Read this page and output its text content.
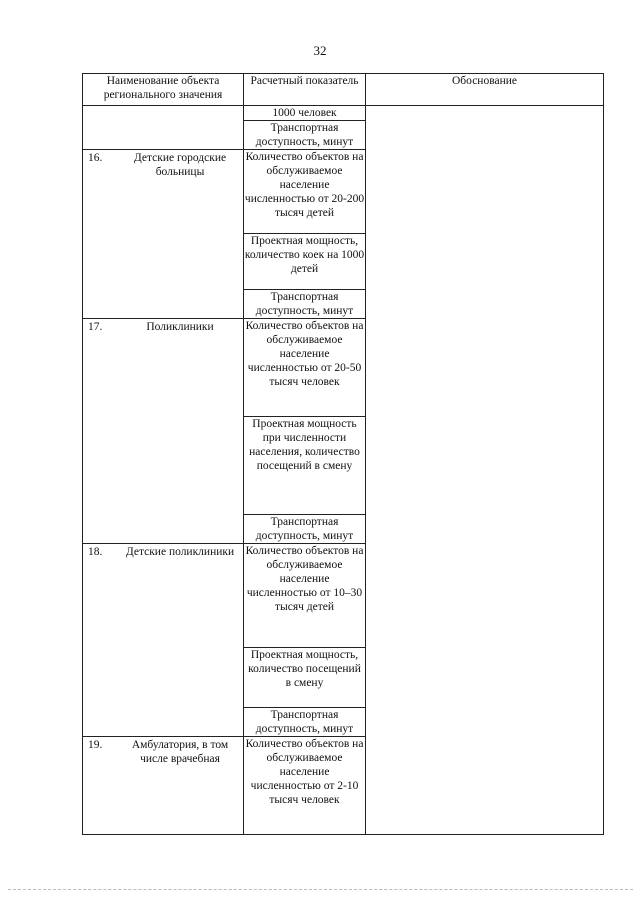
32
Наименование объекта регионального значения	Расчетный показатель	Обоснование
	1000 человек	
	Транспортная доступность, минут	

16. Детские городские больницы	Количество объектов на обслуживаемое население численностью от 20-200 тысяч детей	

	Проектная мощность, количество коек на 1000 детей	

	Транспортная доступность, минут	

17. Поликлиники	Количество объектов на обслуживаемое население численностью от 20-50 тысяч человек	

	Проектная мощность при численности населения, количество посещений в смену	

	Транспортная доступность, минут	

18. Детские поликлиники	Количество объектов на обслуживаемое население численностью от 10–30 тысяч детей	

	Проектная мощность, количество посещений в смену	

	Транспортная доступность, минут	

19. Амбулатория, в том числе врачебная	Количество объектов на обслуживаемое население численностью от 2-10 тысяч человек	
